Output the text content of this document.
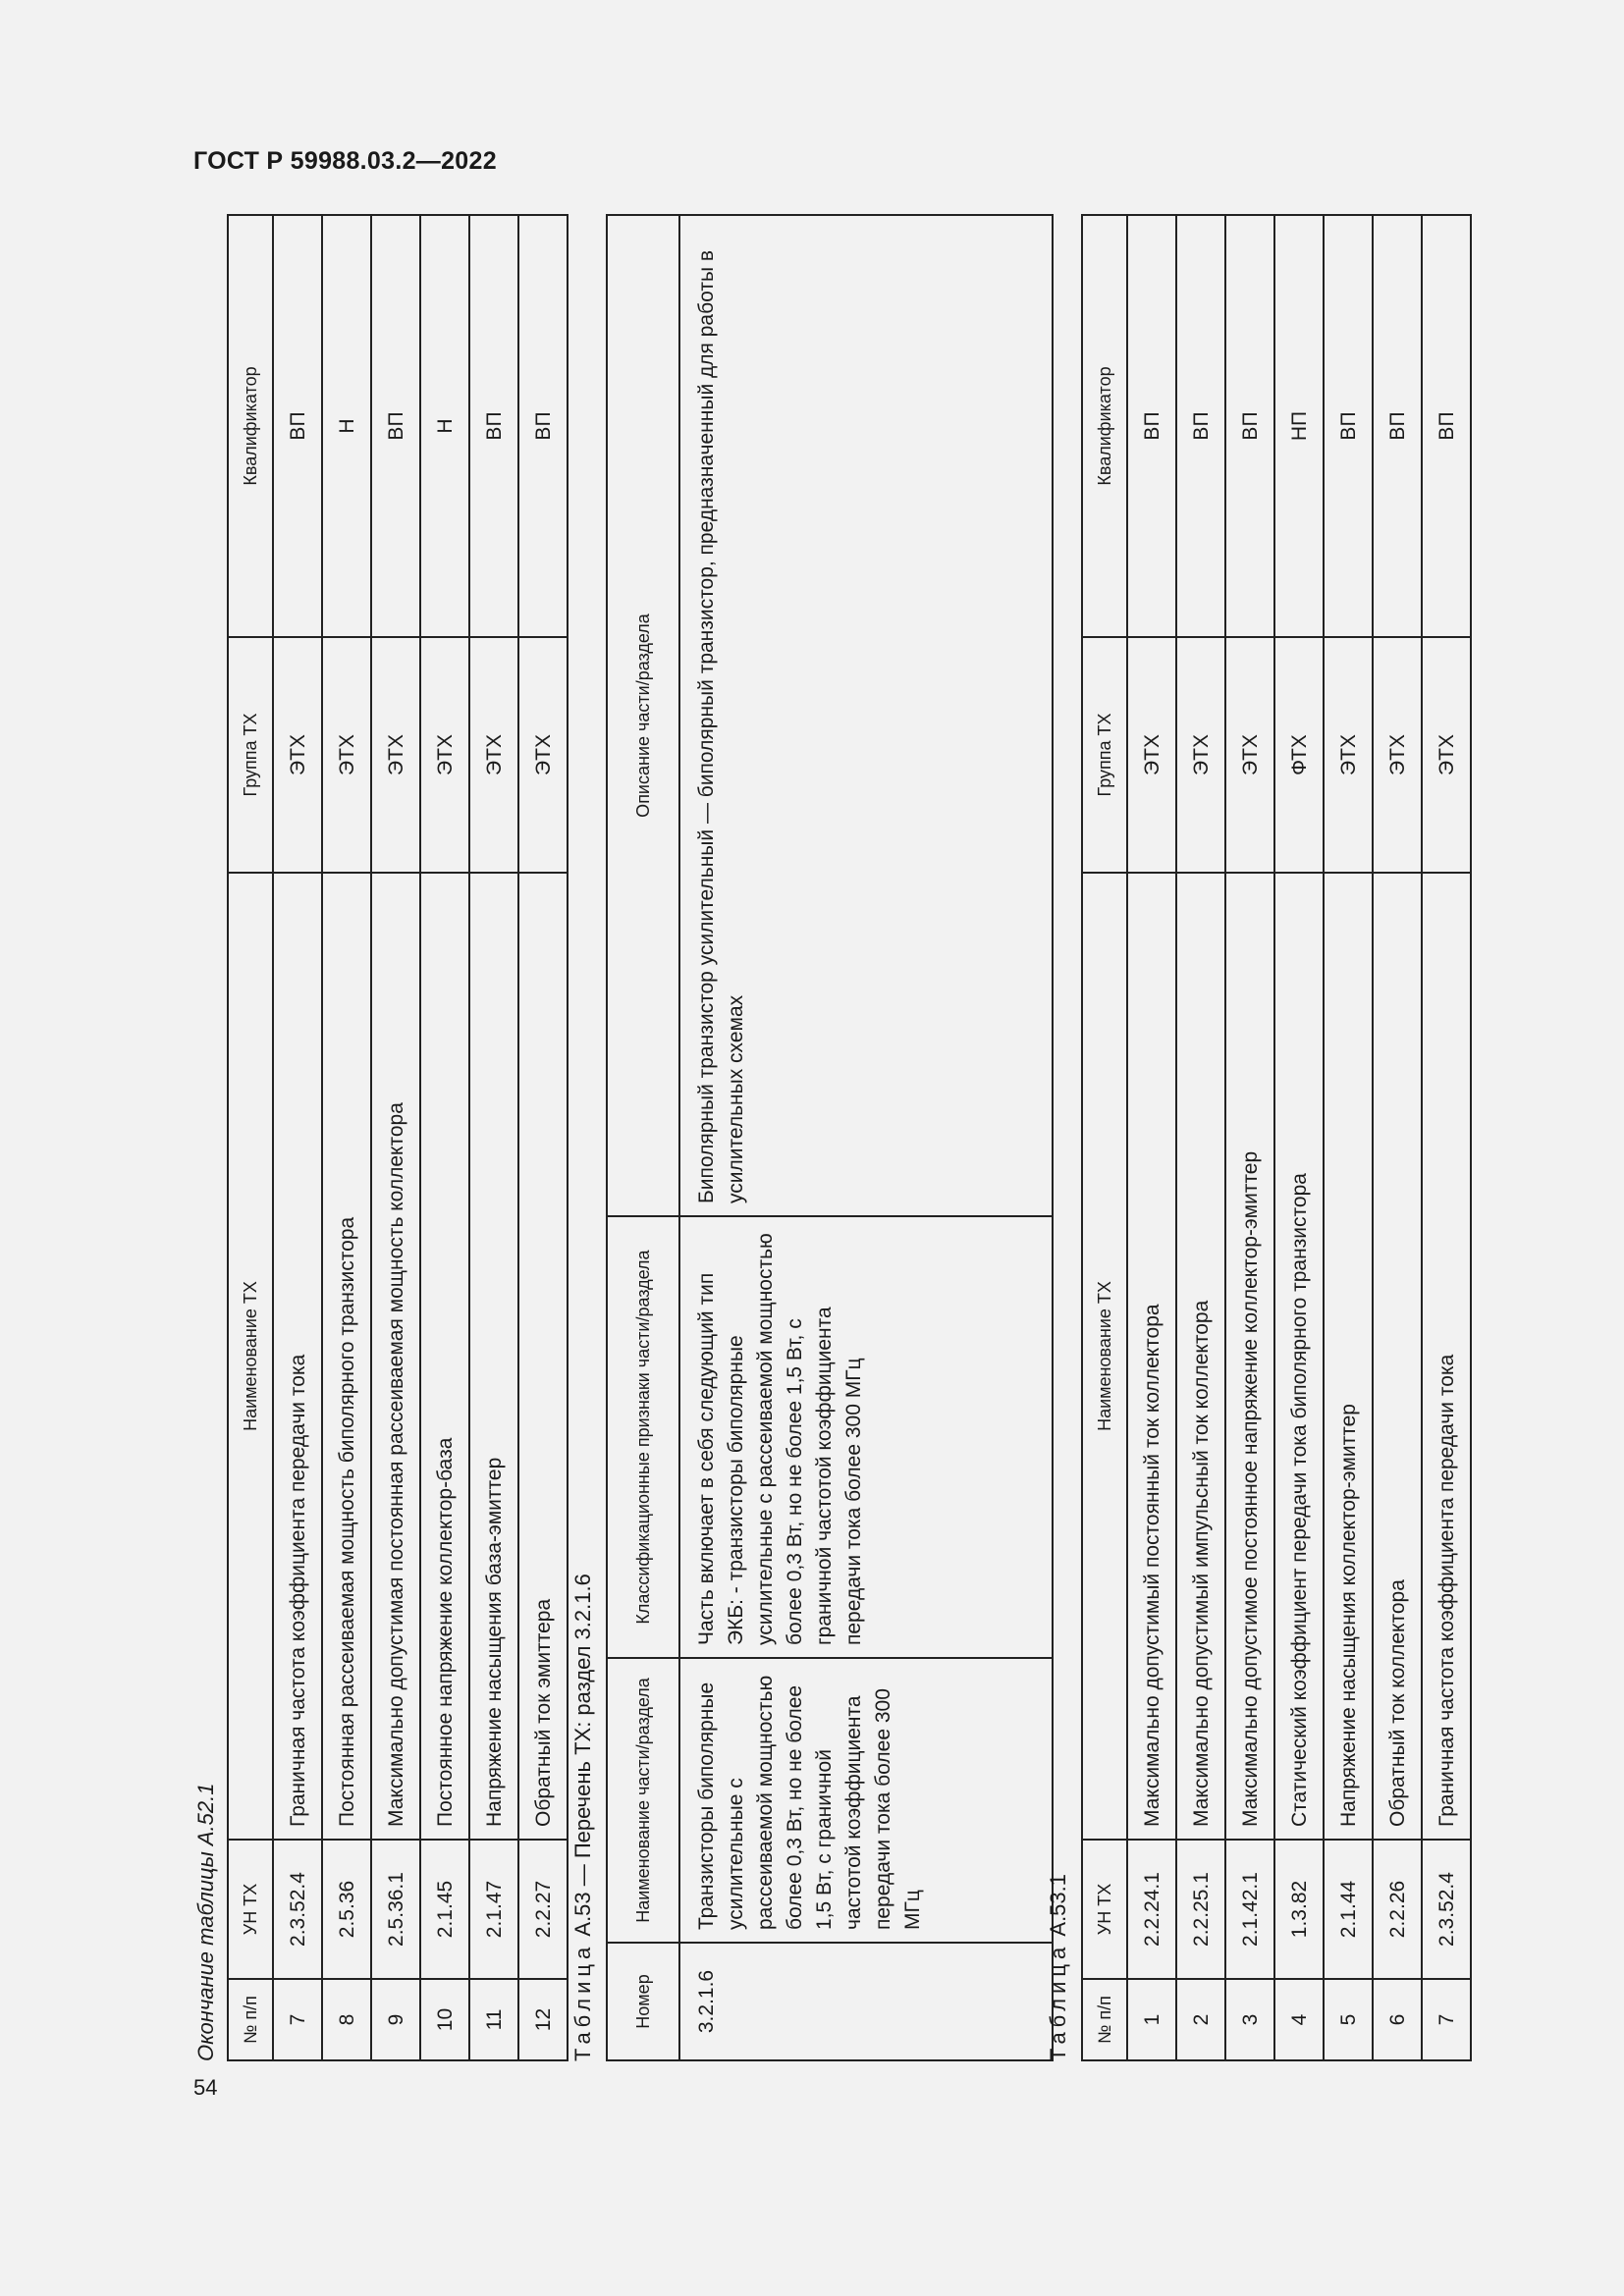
ГОСТ Р 59988.03.2—2022
54
Окончание таблицы А.52.1 № п/п	УН ТХ	Наименование ТХ	Группа ТХ	Квалификатор
7	2.3.52.4	Граничная частота коэффициента передачи тока	ЭТХ	ВП
8	2.5.36	Постоянная рассеиваемая мощность биполярного транзистора	ЭТХ	Н
9	2.5.36.1	Максимально допустимая постоянная рассеиваемая мощность коллектора	ЭТХ	ВП
10	2.1.45	Постоянное напряжение коллектор-база	ЭТХ	Н
11	2.1.47	Напряжение насыщения база-эмиттер	ЭТХ	ВП
12	2.2.27	Обратный ток эмиттера	ЭТХ	ВП
Таблица А.53 — Перечень ТХ: раздел 3.2.1.6
Номер	Наименование части/раздела	Классификационные признаки части/раздела	Описание части/раздела
3.2.1.6	Транзисторы биполярные усилительные с рассеиваемой мощностью более 0,3 Вт, но не более 1,5 Вт, с граничной частотой коэффициента передачи тока более 300 МГц	Часть включает в себя следующий тип ЭКБ: - транзисторы биполярные усилительные с рассеиваемой мощностью более 0,3 Вт, но не более 1,5 Вт, с граничной частотой коэффициента передачи тока более 300 МГц	Биполярный транзистор усилительный — биполярный транзистор, предназначенный для работы в усилительных схемах
Таблица А.53.1
№ п/п	УН ТХ	Наименование ТХ	Группа ТХ	Квалификатор
1	2.2.24.1	Максимально допустимый постоянный ток коллектора	ЭТХ	ВП
2	2.2.25.1	Максимально допустимый импульсный ток коллектора	ЭТХ	ВП
3	2.1.42.1	Максимально допустимое постоянное напряжение коллектор-эмиттер	ЭТХ	ВП
4	1.3.82	Статический коэффициент передачи тока биполярного транзистора	ФТХ	НП
5	2.1.44	Напряжение насыщения коллектор-эмиттер	ЭТХ	ВП
6	2.2.26	Обратный ток коллектора	ЭТХ	ВП
7	2.3.52.4	Граничная частота коэффициента передачи тока	ЭТХ	ВП
